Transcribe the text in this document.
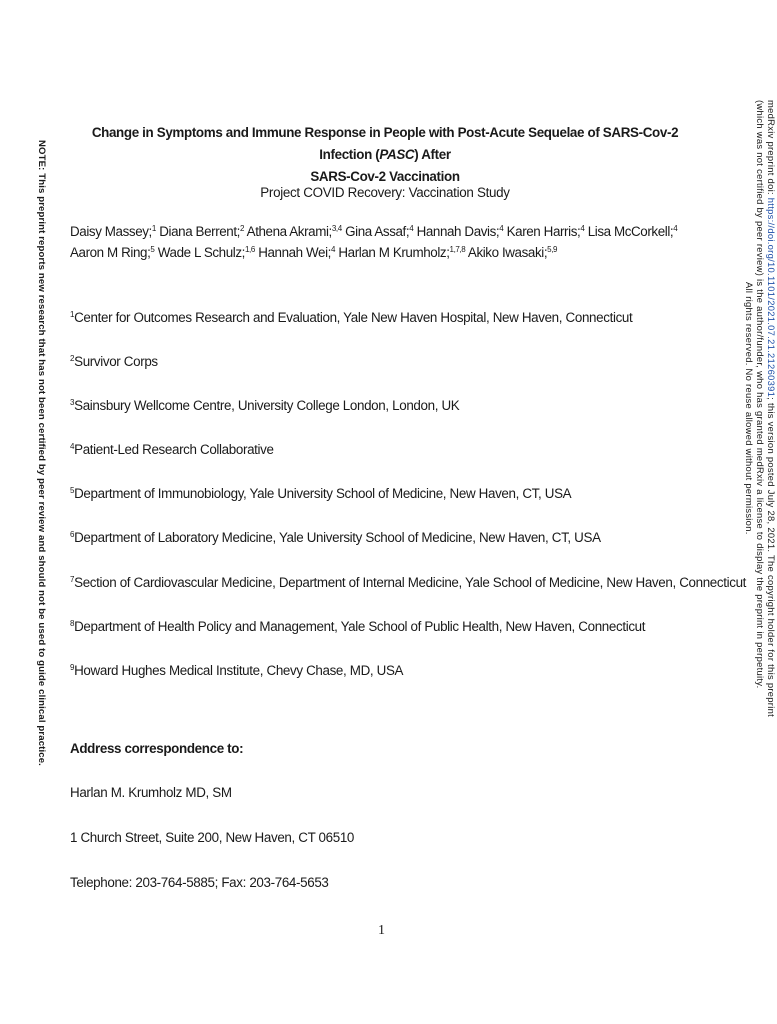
NOTE: This preprint reports new research that has not been certified by peer review and should not be used to guide clinical practice.	medRxiv preprint doi: https://doi.org/10.1101/2021.07.21.21260391; this version posted July 28, 2021. The copyright holder for this preprint
(which was not certified by peer review) is the author/funder, who has granted medRxiv a license to display the preprint in perpetuity.
All rights reserved. No reuse allowed without permission.
Change in Symptoms and Immune Response in People with Post-Acute Sequelae of SARS-Cov-2 Infection (PASC) After
SARS-Cov-2 Vaccination
Project COVID Recovery: Vaccination Study
Daisy Massey;$^1$ Diana Berrent;$^2$ Athena Akrami;$^{3,4}$ Gina Assaf;$^4$ Hannah Davis;$^4$ Karen Harris;$^4$ Lisa McCorkell;$^4$ Aaron M Ring;$^5$ Wade L Schulz;$^{1,6}$ Hannah Wei;$^4$ Harlan M Krumholz;$^{1,7,8}$ Akiko Iwasaki;$^{5,9}$
$^1$Center for Outcomes Research and Evaluation, Yale New Haven Hospital, New Haven, Connecticut
$^2$Survivor Corps
$^3$Sainsbury Wellcome Centre, University College London, London, UK
$^4$Patient-Led Research Collaborative
$^5$Department of Immunobiology, Yale University School of Medicine, New Haven, CT, USA
$^6$Department of Laboratory Medicine, Yale University School of Medicine, New Haven, CT, USA
$^7$Section of Cardiovascular Medicine, Department of Internal Medicine, Yale School of Medicine, New Haven, Connecticut
$^8$Department of Health Policy and Management, Yale School of Public Health, New Haven, Connecticut
$^9$Howard Hughes Medical Institute, Chevy Chase, MD, USA
Address correspondence to:
Harlan M. Krumholz MD, SM
1 Church Street, Suite 200, New Haven, CT 06510
Telephone: 203-764-5885; Fax: 203-764-5653
1
